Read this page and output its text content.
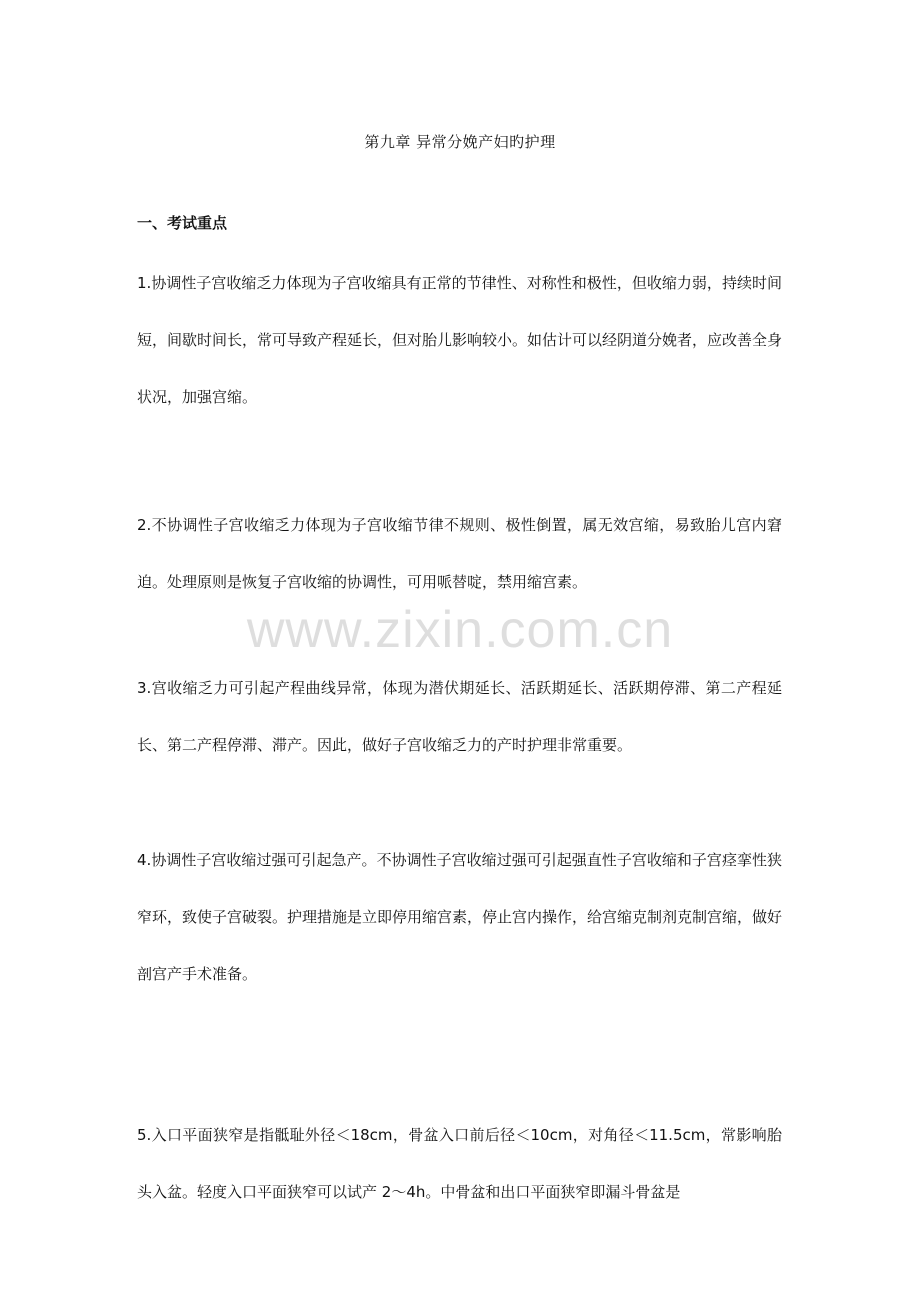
第九章 异常分娩产妇旳护理
一、考试重点
1.协调性子宫收缩乏力体现为子宫收缩具有正常的节律性、对称性和极性，但收缩力弱，持续时间短，间歇时间长，常可导致产程延长，但对胎儿影响较小。如估计可以经阴道分娩者，应改善全身状况，加强宫缩。
2.不协调性子宫收缩乏力体现为子宫收缩节律不规则、极性倒置，属无效宫缩，易致胎儿宫内窘迫。处理原则是恢复子宫收缩的协调性，可用哌替啶，禁用缩宫素。
3.宫收缩乏力可引起产程曲线异常，体现为潜伏期延长、活跃期延长、活跃期停滞、第二产程延长、第二产程停滞、滞产。因此，做好子宫收缩乏力的产时护理非常重要。
4.协调性子宫收缩过强可引起急产。不协调性子宫收缩过强可引起强直性子宫收缩和子宫痉挛性狭窄环，致使子宫破裂。护理措施是立即停用缩宫素，停止宫内操作，给宫缩克制剂克制宫缩，做好剖宫产手术准备。
5.入口平面狭窄是指骶耻外径＜18cm，骨盆入口前后径＜10cm，对角径＜11.5cm，常影响胎头入盆。轻度入口平面狭窄可以试产 2～4h。中骨盆和出口平面狭窄即漏斗骨盆是
www.zixin.com.cn
